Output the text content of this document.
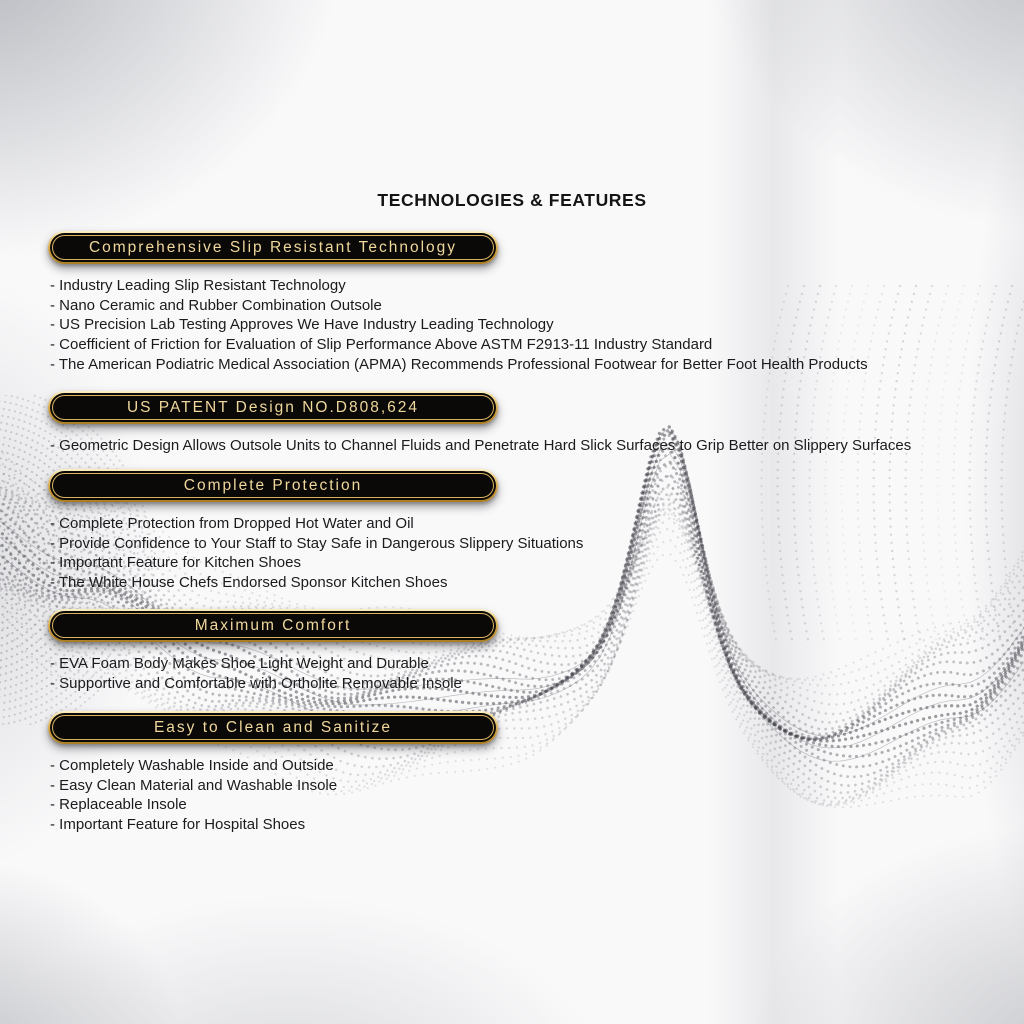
TECHNOLOGIES & FEATURES
Comprehensive Slip Resistant Technology
- Industry Leading Slip Resistant Technology
- Nano Ceramic and Rubber Combination Outsole
- US Precision Lab Testing Approves We Have Industry Leading Technology
- Coefficient of Friction for Evaluation of Slip Performance Above ASTM F2913-11 Industry Standard
- The American Podiatric Medical Association (APMA) Recommends Professional Footwear for Better Foot Health Products
US PATENT Design NO.D808,624
- Geometric Design Allows Outsole Units to Channel Fluids and Penetrate Hard Slick Surfaces to Grip Better on Slippery Surfaces
Complete Protection
- Complete Protection from Dropped Hot Water and Oil
- Provide Confidence to Your Staff to Stay Safe in Dangerous Slippery Situations
- Important Feature for Kitchen Shoes
- The White House Chefs Endorsed Sponsor Kitchen Shoes
Maximum Comfort
- EVA Foam Body Makes Shoe Light Weight and Durable
- Supportive and Comfortable with Ortholite Removable Insole
Easy to Clean and Sanitize
- Completely Washable Inside and Outside
- Easy Clean Material and Washable Insole
- Replaceable Insole
- Important Feature for Hospital Shoes
